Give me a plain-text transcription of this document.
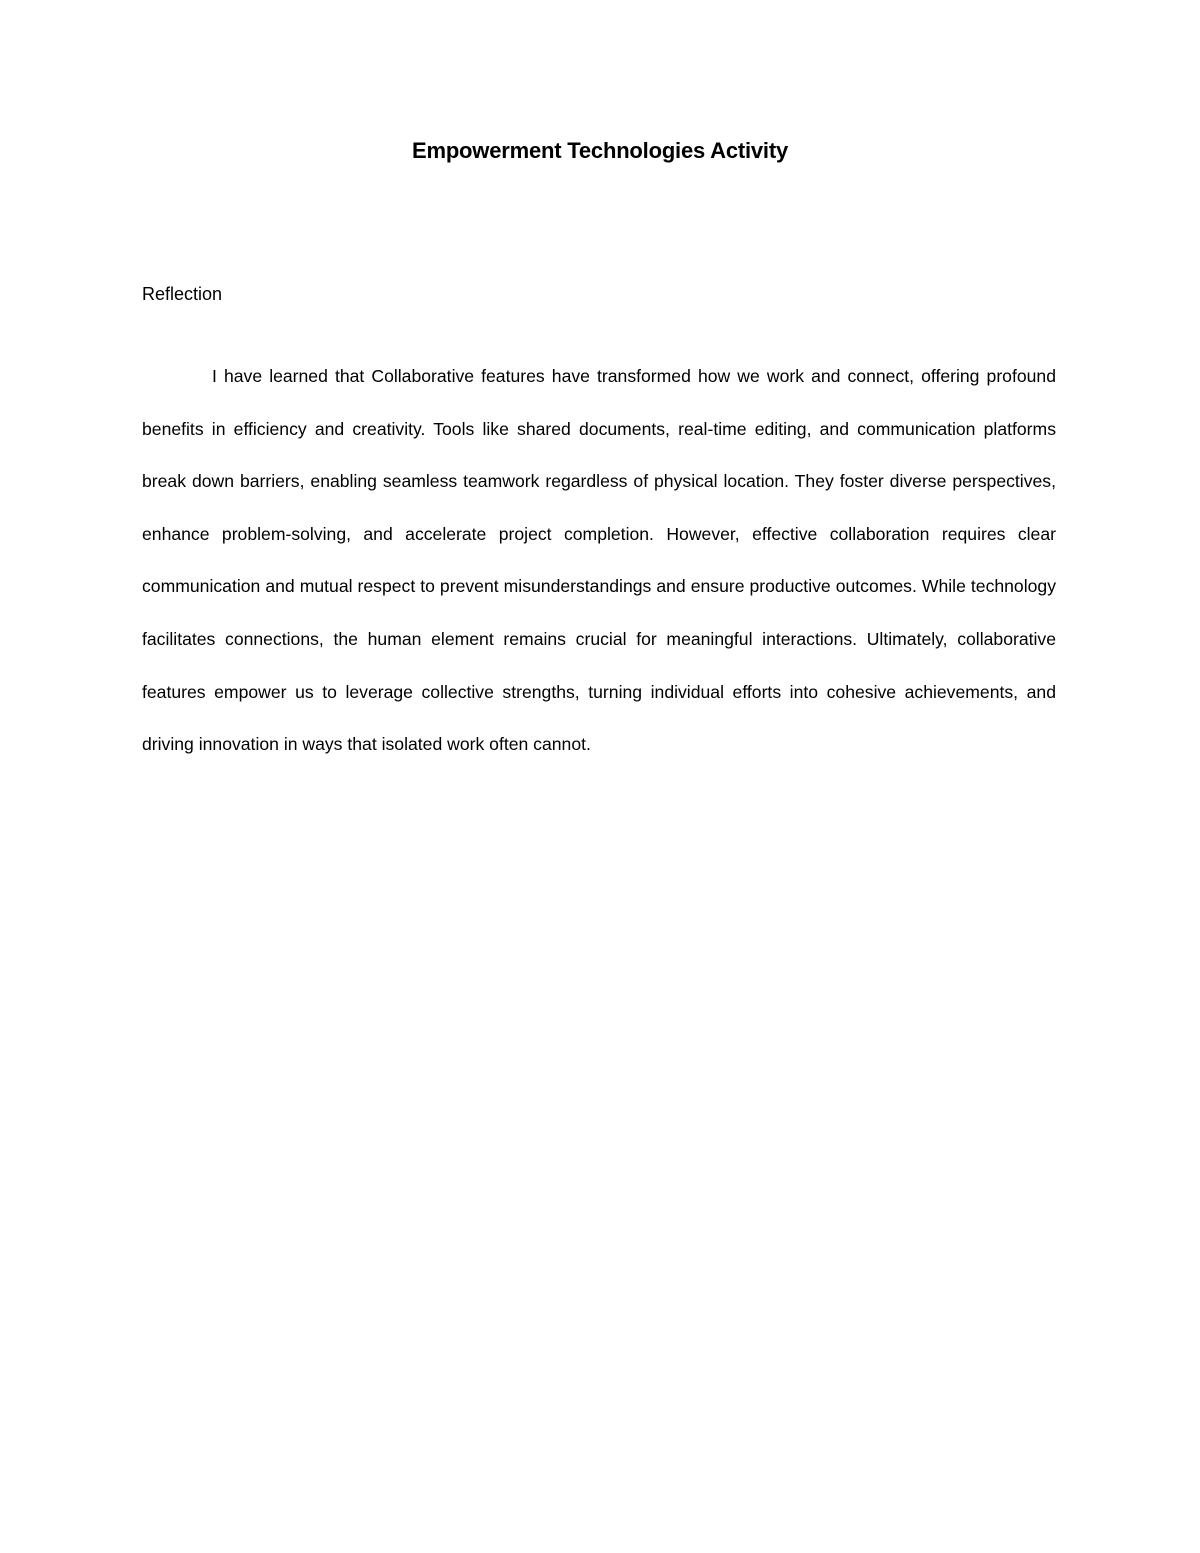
Empowerment Technologies Activity
Reflection

I have learned that Collaborative features have transformed how we work and connect, offering profound benefits in efficiency and creativity. Tools like shared documents, real-time editing, and communication platforms break down barriers, enabling seamless teamwork regardless of physical location. They foster diverse perspectives, enhance problem-solving, and accelerate project completion. However, effective collaboration requires clear communication and mutual respect to prevent misunderstandings and ensure productive outcomes. While technology facilitates connections, the human element remains crucial for meaningful interactions. Ultimately, collaborative features empower us to leverage collective strengths, turning individual efforts into cohesive achievements, and driving innovation in ways that isolated work often cannot.
